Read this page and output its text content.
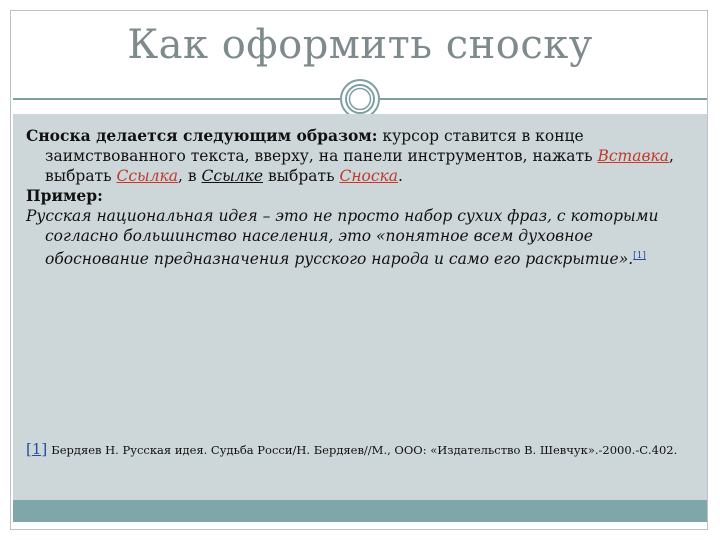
Как оформить сноску

Сноска делается следующим образом: курсор ставится в конце заимствованного текста, вверху, на панели инструментов, нажать Вставка, выбрать Ссылка, в Ссылке выбрать Сноска.

Пример:

Русская национальная идея – это не просто набор сухих фраз, с которыми согласно большинство населения, это «понятное всем духовное обоснование предназначения русского народа и само его раскрытие».[1]

[1] Бердяев Н. Русская идея. Судьба Росси/Н. Бердяев//М., ООО: «Издательство В. Шевчук».-2000.-С.402.
